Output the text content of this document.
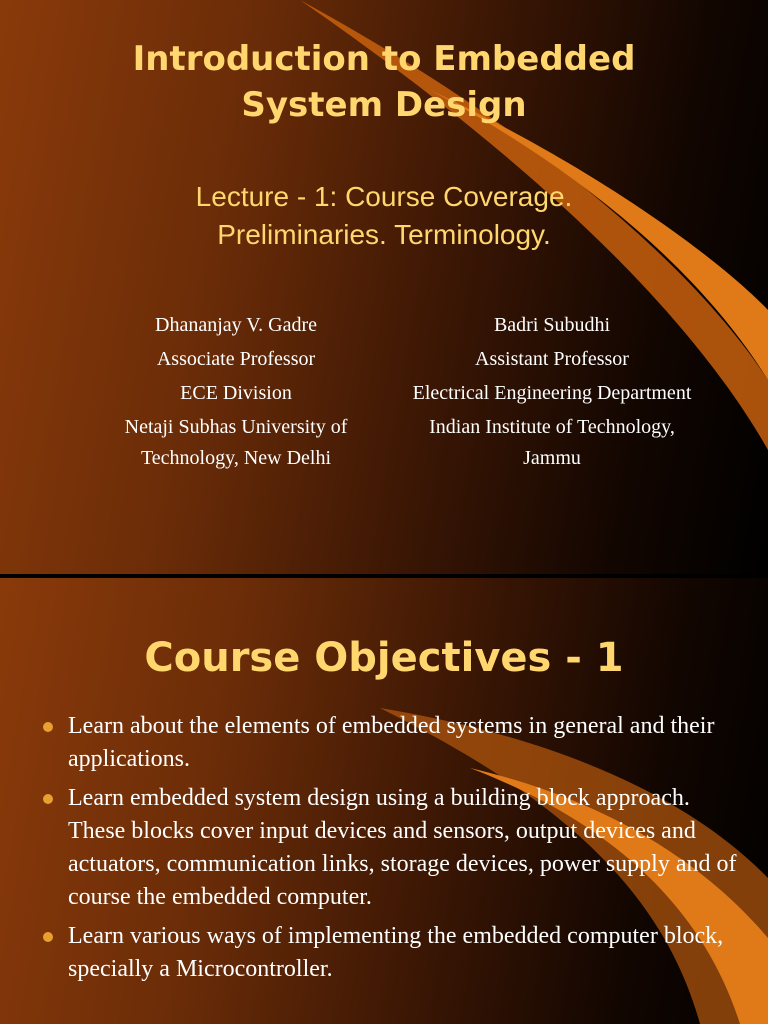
Introduction to Embedded
System Design
Lecture - 1: Course Coverage.
Preliminaries. Terminology.
Dhananjay V. Gadre
Associate Professor
ECE Division
Netaji Subhas University of
Technology, New Delhi
Badri Subudhi
Assistant Professor
Electrical Engineering Department
Indian Institute of Technology,
Jammu
Course Objectives - 1
Learn about the elements of embedded systems in general and their applications.
Learn embedded system design using a building block approach. These blocks cover input devices and sensors, output devices and actuators, communication links, storage devices, power supply and of course the embedded computer.
Learn various ways of implementing the embedded computer block, specially a Microcontroller.
